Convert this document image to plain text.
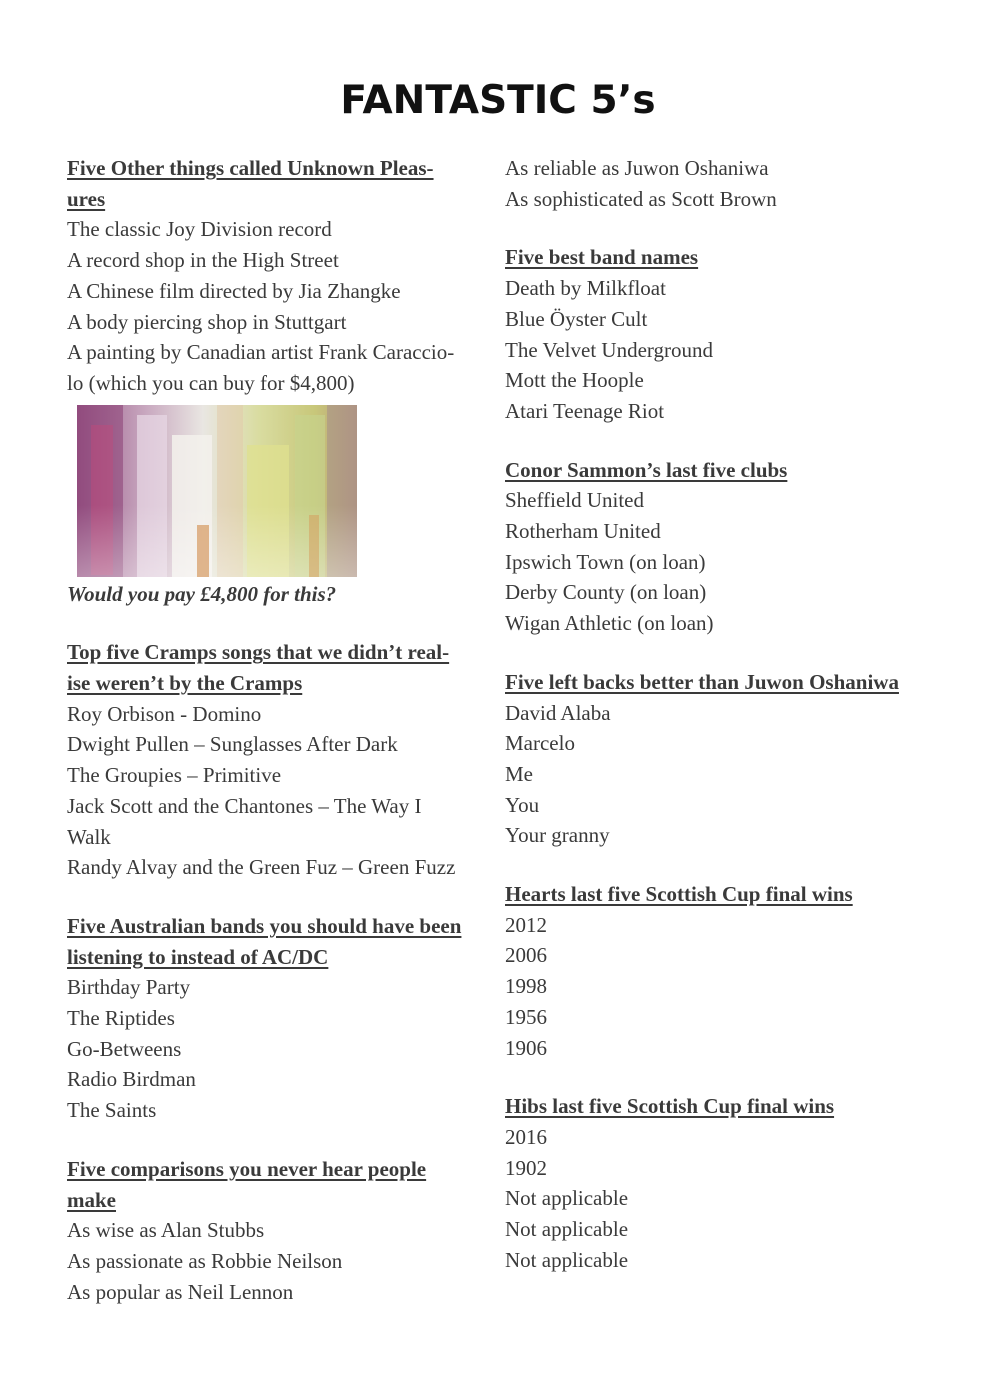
FANTASTIC 5’s
Five Other things called Unknown Pleas-
ures
The classic Joy Division record
A record shop in the High Street
A Chinese film directed by Jia Zhangke
A body piercing shop in Stuttgart
A painting by Canadian artist Frank Caraccio-
lo (which you can buy for $4,800)
Would you pay £4,800 for this?
Top five Cramps songs that we didn’t real-
ise weren’t by the Cramps
Roy Orbison - Domino
Dwight Pullen – Sunglasses After Dark
The Groupies – Primitive
Jack Scott and the Chantones – The Way I
Walk
Randy Alvay and the Green Fuz – Green Fuzz
Five Australian bands you should have been
listening to instead of AC/DC
Birthday Party
The Riptides
Go-Betweens
Radio Birdman
The Saints
Five comparisons you never hear people
make
As wise as Alan Stubbs
As passionate as Robbie Neilson
As popular as Neil Lennon
As reliable as Juwon Oshaniwa
As sophisticated as Scott Brown
Five best band names
Death by Milkfloat
Blue Öyster Cult
The Velvet Underground
Mott the Hoople
Atari Teenage Riot
Conor Sammon’s last five clubs
Sheffield United
Rotherham United
Ipswich Town (on loan)
Derby County (on loan)
Wigan Athletic (on loan)
Five left backs better than Juwon Oshaniwa
David Alaba
Marcelo
Me
You
Your granny
Hearts last five Scottish Cup final wins
2012
2006
1998
1956
1906
Hibs last five Scottish Cup final wins
2016
1902
Not applicable
Not applicable
Not applicable
